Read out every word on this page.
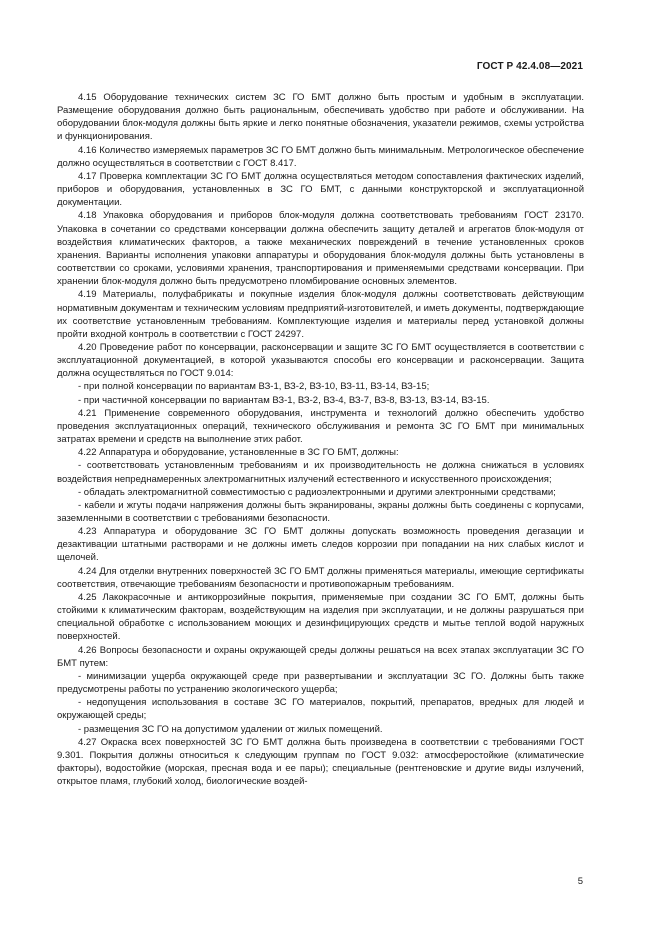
ГОСТ Р 42.4.08—2021

4.15 Оборудование технических систем ЗС ГО БМТ должно быть простым и удобным в эксплуатации. Размещение оборудования должно быть рациональным, обеспечивать удобство при работе и обслуживании. На оборудовании блок-модуля должны быть яркие и легко понятные обозначения, указатели режимов, схемы устройства и функционирования.

4.16 Количество измеряемых параметров ЗС ГО БМТ должно быть минимальным. Метрологическое обеспечение должно осуществляться в соответствии с ГОСТ 8.417.

4.17 Проверка комплектации ЗС ГО БМТ должна осуществляться методом сопоставления фактических изделий, приборов и оборудования, установленных в ЗС ГО БМТ, с данными конструкторской и эксплуатационной документации.

4.18 Упаковка оборудования и приборов блок-модуля должна соответствовать требованиям ГОСТ 23170. Упаковка в сочетании со средствами консервации должна обеспечить защиту деталей и агрегатов блок-модуля от воздействия климатических факторов, а также механических повреждений в течение установленных сроков хранения. Варианты исполнения упаковки аппаратуры и оборудования блок-модуля должны быть установлены в соответствии со сроками, условиями хранения, транспортирования и применяемыми средствами консервации. При хранении блок-модуля должно быть предусмотрено пломбирование основных элементов.

4.19 Материалы, полуфабрикаты и покупные изделия блок-модуля должны соответствовать действующим нормативным документам и техническим условиям предприятий-изготовителей, и иметь документы, подтверждающие их соответствие установленным требованиям. Комплектующие изделия и материалы перед установкой должны пройти входной контроль в соответствии с ГОСТ 24297.

4.20 Проведение работ по консервации, расконсервации и защите ЗС ГО БМТ осуществляется в соответствии с эксплуатационной документацией, в которой указываются способы его консервации и расконсервации. Защита должна осуществляться по ГОСТ 9.014:

- при полной консервации по вариантам ВЗ-1, ВЗ-2, ВЗ-10, ВЗ-11, ВЗ-14, ВЗ-15;

- при частичной консервации по вариантам ВЗ-1, ВЗ-2, ВЗ-4, ВЗ-7, ВЗ-8, ВЗ-13, ВЗ-14, ВЗ-15.

4.21 Применение современного оборудования, инструмента и технологий должно обеспечить удобство проведения эксплуатационных операций, технического обслуживания и ремонта ЗС ГО БМТ при минимальных затратах времени и средств на выполнение этих работ.

4.22 Аппаратура и оборудование, установленные в ЗС ГО БМТ, должны:

- соответствовать установленным требованиям и их производительность не должна снижаться в условиях воздействия непреднамеренных электромагнитных излучений естественного и искусственного происхождения;

- обладать электромагнитной совместимостью с радиоэлектронными и другими электронными средствами;

- кабели и жгуты подачи напряжения должны быть экранированы, экраны должны быть соединены с корпусами, заземленными в соответствии с требованиями безопасности.

4.23 Аппаратура и оборудование ЗС ГО БМТ должны допускать возможность проведения дегазации и дезактивации штатными растворами и не должны иметь следов коррозии при попадании на них слабых кислот и щелочей.

4.24 Для отделки внутренних поверхностей ЗС ГО БМТ должны применяться материалы, имеющие сертификаты соответствия, отвечающие требованиям безопасности и противопожарным требованиям.

4.25 Лакокрасочные и антикоррозийные покрытия, применяемые при создании ЗС ГО БМТ, должны быть стойкими к климатическим факторам, воздействующим на изделия при эксплуатации, и не должны разрушаться при специальной обработке с использованием моющих и дезинфицирующих средств и мытье теплой водой наружных поверхностей.

4.26 Вопросы безопасности и охраны окружающей среды должны решаться на всех этапах эксплуатации ЗС ГО БМТ путем:

- минимизации ущерба окружающей среде при развертывании и эксплуатации ЗС ГО. Должны быть также предусмотрены работы по устранению экологического ущерба;

- недопущения использования в составе ЗС ГО материалов, покрытий, препаратов, вредных для людей и окружающей среды;

- размещения ЗС ГО на допустимом удалении от жилых помещений.

4.27 Окраска всех поверхностей ЗС ГО БМТ должна быть произведена в соответствии с требованиями ГОСТ 9.301. Покрытия должны относиться к следующим группам по ГОСТ 9.032: атмосферостойкие (климатические факторы), водостойкие (морская, пресная вода и ее пары); специальные (рентгеновские и другие виды излучений, открытое пламя, глубокий холод, биологические воздей-

5
